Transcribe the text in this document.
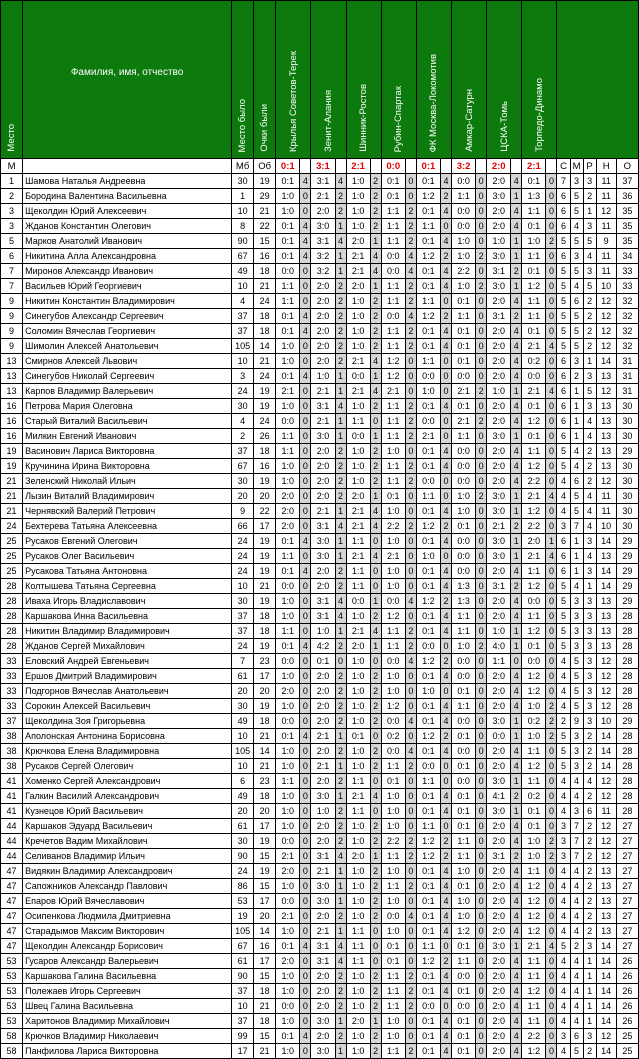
Место	Фамилия, имя, отчество	Место было	Очки были	Крылья Советов-Терек		Зенит-Алания		Шинник-Ростов		Рубин-Спартак		ФК Москва-Локомотив		Амкар-Сатурн		ЦСКА-Томь		Торпедо-Динамо						
М		Мб	Об	0:1		3:1		2:1		0:0		0:1		3:2		2:0		2:1		С	М	Р	Н	О
1	Шамова Наталья Андреевна	30	19	0:1	4	3:1	4	1:0	2	0:1	0	0:1	4	0:0	0	2:0	4	0:1	0	7	3	3	11	37
2	Бородина Валентина Васильевна	1	29	1:0	0	2:1	2	1:0	2	0:1	0	1:2	2	1:1	0	3:0	1	1:3	0	6	5	2	11	36
3	Щеколдин Юрий Алексеевич	10	21	1:0	0	2:0	2	1:0	2	1:1	2	0:1	4	0:0	0	2:0	4	1:1	0	6	5	1	12	35
3	Жданов Константин Олегович	8	22	0:1	4	3:0	1	1:0	2	1:1	2	1:1	0	0:0	0	2:0	4	0:1	0	6	4	3	11	35
5	Марков Анатолий Иванович	90	15	0:1	4	3:1	4	2:0	1	1:1	2	0:1	4	1:0	0	1:0	1	1:0	2	5	5	5	9	35
6	Никитина Алла Александровна	67	16	0:1	4	3:2	1	2:1	4	0:0	4	1:2	2	1:0	2	3:0	1	1:1	0	6	3	4	11	34
7	Миронов Александр Иванович	49	18	0:0	0	3:2	1	2:1	4	0:0	4	0:1	4	2:2	0	3:1	2	0:1	0	5	5	3	11	33
7	Васильев Юрий Георгиевич	10	21	1:1	0	2:0	2	2:0	1	1:1	2	0:1	4	1:0	2	3:0	1	1:2	0	5	4	5	10	33
9	Никитин Константин Владимирович	4	24	1:1	0	2:0	2	1:0	2	1:1	2	1:1	0	0:1	0	2:0	4	1:1	0	5	6	2	12	32
9	Синегубов Александр Сергеевич	37	18	0:1	4	2:0	2	1:0	2	0:0	4	1:2	2	1:1	0	3:1	2	1:1	0	5	5	2	12	32
9	Соломин Вячеслав Георгиевич	37	18	0:1	4	2:0	2	1:0	2	1:1	2	0:1	4	0:1	0	2:0	4	0:1	0	5	5	2	12	32
9	Шимолин Алексей Анатольевич	105	14	1:0	0	2:0	2	1:0	2	1:1	2	0:1	4	0:1	0	2:0	4	2:1	4	5	5	2	12	32
13	Смирнов Алексей Львович	10	21	1:0	0	2:0	2	2:1	4	1:2	0	1:1	0	0:1	0	2:0	4	0:2	0	6	3	1	14	31
13	Синегубов Николай Сергеевич	3	24	0:1	4	1:0	1	0:0	1	1:2	0	0:0	0	0:0	0	2:0	4	0:0	0	6	2	3	13	31
13	Карпов Владимир Валерьевич	24	19	2:1	0	2:1	1	2:1	4	2:1	0	1:0	0	2:1	2	1:0	1	2:1	4	6	1	5	12	31
16	Петрова Мария Олеговна	30	19	1:0	0	3:1	4	1:0	2	1:1	2	0:1	4	0:1	0	2:0	4	0:1	0	6	1	3	13	30
16	Старый Виталий Васильевич	4	24	0:0	0	2:1	1	1:1	0	1:1	2	0:0	0	2:1	2	2:0	4	1:2	0	6	1	4	13	30
16	Милкин Евгений Иванович	2	26	1:1	0	3:0	1	0:0	1	1:1	2	2:1	0	1:1	0	3:0	1	0:1	0	6	1	4	13	30
19	Васинович Лариса Викторовна	37	18	1:1	0	2:0	2	1:0	2	1:0	0	0:1	4	0:0	0	2:0	4	1:1	0	5	4	2	13	29
19	Кручинина Ирина Викторовна	67	16	1:0	0	2:0	2	1:0	2	1:1	2	0:1	4	0:0	0	2:0	4	1:2	0	5	4	2	13	30
21	Зеленский Николай Ильич	30	19	1:0	0	2:0	2	1:0	2	1:1	2	0:0	0	0:0	0	2:0	4	2:2	0	4	6	2	12	30
21	Лызин Виталий Владимирович	20	20	2:0	0	2:0	2	2:0	1	0:1	0	1:1	0	1:0	2	3:0	1	2:1	4	4	5	4	11	30
21	Чернявский Валерий Петрович	9	22	2:0	0	2:1	1	2:1	4	1:0	0	0:1	4	1:0	0	3:0	1	1:2	0	4	5	4	11	30
24	Бехтерева Татьяна Алексеевна	66	17	2:0	0	3:1	4	2:1	4	2:2	2	1:2	2	0:1	0	2:1	2	2:2	0	3	7	4	10	30
25	Русаков Евгений Олегович	24	19	0:1	4	3:0	1	1:1	0	1:0	0	0:1	4	0:0	0	3:0	1	2:0	1	6	1	3	14	29
25	Русаков Олег Васильевич	24	19	1:1	0	3:0	1	2:1	4	2:1	0	1:0	0	0:0	0	3:0	1	2:1	4	6	1	4	13	29
25	Русакова Татьяна Антоновна	24	19	0:1	4	2:0	2	1:1	0	1:0	0	0:1	4	0:0	0	2:0	4	1:1	0	6	1	3	14	29
28	Колтышева Татьяна Сергеевна	10	21	0:0	0	2:0	2	1:1	0	1:0	0	0:1	4	1:3	0	3:1	2	1:2	0	5	4	1	14	29
28	Иваха Игорь Владиславович	30	19	1:0	0	3:1	4	0:0	1	0:0	4	1:2	2	1:3	0	2:0	4	0:0	0	5	3	3	13	29
28	Каршакова Инна Васильевна	37	18	1:0	0	3:1	4	1:0	2	1:2	0	0:1	4	1:1	0	2:0	4	1:1	0	5	3	3	13	28
28	Никитин Владимир Владимирович	37	18	1:1	0	1:0	1	2:1	4	1:1	2	0:1	4	1:1	0	1:0	1	1:2	0	5	3	3	13	28
28	Жданов Сергей Михайлович	24	19	0:1	4	4:2	2	2:0	1	1:1	2	0:0	0	1:0	2	4:0	1	0:1	0	5	3	3	13	28
33	Еловский Андрей Евгеньевич	7	23	0:0	0	0:1	0	1:0	0	0:0	4	1:2	2	0:0	0	1:1	0	0:0	0	4	5	3	12	28
33	Ершов Дмитрий Владимирович	61	17	1:0	0	2:0	2	1:0	2	1:0	0	0:1	4	0:0	0	2:0	4	1:2	0	4	5	3	12	28
33	Подгорнов Вячеслав Анатольевич	20	20	2:0	0	2:0	2	1:0	2	1:0	0	1:0	0	0:1	0	2:0	4	1:2	0	4	5	3	12	28
33	Сорокин Алексей Васильевич	30	19	1:0	0	2:0	2	1:0	2	1:2	0	0:1	4	1:1	0	2:0	4	1:0	2	4	5	3	12	28
37	Щеколдина Зоя Григорьевна	49	18	0:0	0	2:0	2	1:0	2	0:0	4	0:1	4	0:0	0	3:0	1	0:2	2	2	9	3	10	29
38	Аполонская Антонина Борисовна	10	21	0:1	4	2:1	1	0:1	0	0:2	0	1:2	2	0:1	0	0:0	1	1:0	2	5	3	2	14	28
38	Крючкова Елена Владимировна	105	14	1:0	0	2:0	2	1:0	2	0:0	4	0:1	4	0:0	0	2:0	4	1:1	0	5	3	2	14	28
38	Русаков Сергей Олегович	10	21	1:0	0	2:1	1	1:0	2	1:1	2	0:0	0	0:1	0	2:0	4	1:2	0	5	3	2	14	28
41	Хоменко Сергей Александрович	6	23	1:1	0	2:0	2	1:1	0	0:1	0	1:1	0	0:0	0	3:0	1	1:1	0	4	4	4	12	28
41	Галкин Василий Александрович	49	18	1:0	0	3:0	1	2:1	4	1:0	0	0:1	4	0:1	0	4:1	2	0:2	0	4	4	2	12	28
41	Кузнецов Юрий Васильевич	20	20	1:0	0	1:0	2	1:1	0	1:0	0	0:1	4	0:1	0	3:0	1	0:1	0	4	3	6	11	28
44	Каршаков Эдуард Васильевич	61	17	1:0	0	2:0	2	1:0	2	1:0	0	1:1	0	0:1	0	2:0	4	0:1	0	3	7	2	12	27
44	Кречетов Вадим Михайлович	30	19	0:0	0	2:0	2	1:0	2	2:2	2	1:2	2	1:1	0	2:0	4	1:0	2	3	7	2	12	27
44	Селиванов Владимир Ильич	90	15	2:1	0	3:1	4	2:0	1	1:1	2	1:2	2	1:1	0	3:1	2	1:0	2	3	7	2	12	27
47	Видякин Владимир Александрович	24	19	2:0	0	2:1	1	1:0	2	1:0	0	0:1	4	1:0	0	2:0	4	1:1	0	4	4	2	13	27
47	Сапожников Александр Павлович	86	15	1:0	0	3:0	1	1:0	2	1:1	2	0:1	4	0:1	0	2:0	4	1:2	0	4	4	2	13	27
47	Епаров Юрий Вячеславович	53	17	0:0	0	3:0	1	1:0	2	1:0	0	0:1	4	1:0	0	2:0	4	1:2	0	4	4	2	13	27
47	Осипенкова Людмила Дмитриевна	19	20	2:1	0	2:0	2	1:0	2	0:0	4	0:1	4	1:0	0	2:0	4	1:2	0	4	4	2	13	27
47	Старадымов Максим Викторович	105	14	1:0	0	2:1	1	1:1	0	1:0	0	0:1	4	1:2	0	2:0	4	1:2	0	4	4	2	13	27
47	Щеколдин Александр Борисович	67	16	0:1	4	3:1	4	1:1	0	0:1	0	1:1	0	0:1	0	3:0	1	2:1	4	5	2	3	14	27
53	Гусаров Александр Валерьевич	61	17	2:0	0	3:1	4	1:1	0	0:1	0	1:2	2	1:1	0	2:0	4	1:1	0	4	4	1	14	26
53	Каршакова Галина Васильевна	90	15	1:0	0	2:0	2	1:0	2	1:1	2	0:1	4	0:0	0	2:0	4	1:1	0	4	4	1	14	26
53	Полежаев Игорь Сергеевич	37	18	1:0	0	2:0	2	1:0	2	1:1	2	0:1	4	0:1	0	2:0	4	1:2	0	4	4	1	14	26
53	Швец Галина Васильевна	10	21	0:0	0	2:0	2	1:0	2	1:1	2	0:0	0	0:0	0	2:0	4	1:1	0	4	4	1	14	26
53	Харитонов Владимир Михайлович	37	18	1:0	0	3:0	1	2:0	1	1:0	0	0:1	4	0:1	0	2:0	4	1:1	0	4	4	1	14	26
58	Крючков Владимир Николаевич	99	15	0:1	4	2:0	2	1:0	2	1:0	0	0:1	4	0:1	0	2:0	4	2:2	0	3	6	3	12	25
58	Панфилова Лариса Викторовна	17	21	1:0	0	3:0	1	1:0	2	1:1	2	0:1	4	0:1	0	2:0	4	1:2	0	4	5	2	14	25
